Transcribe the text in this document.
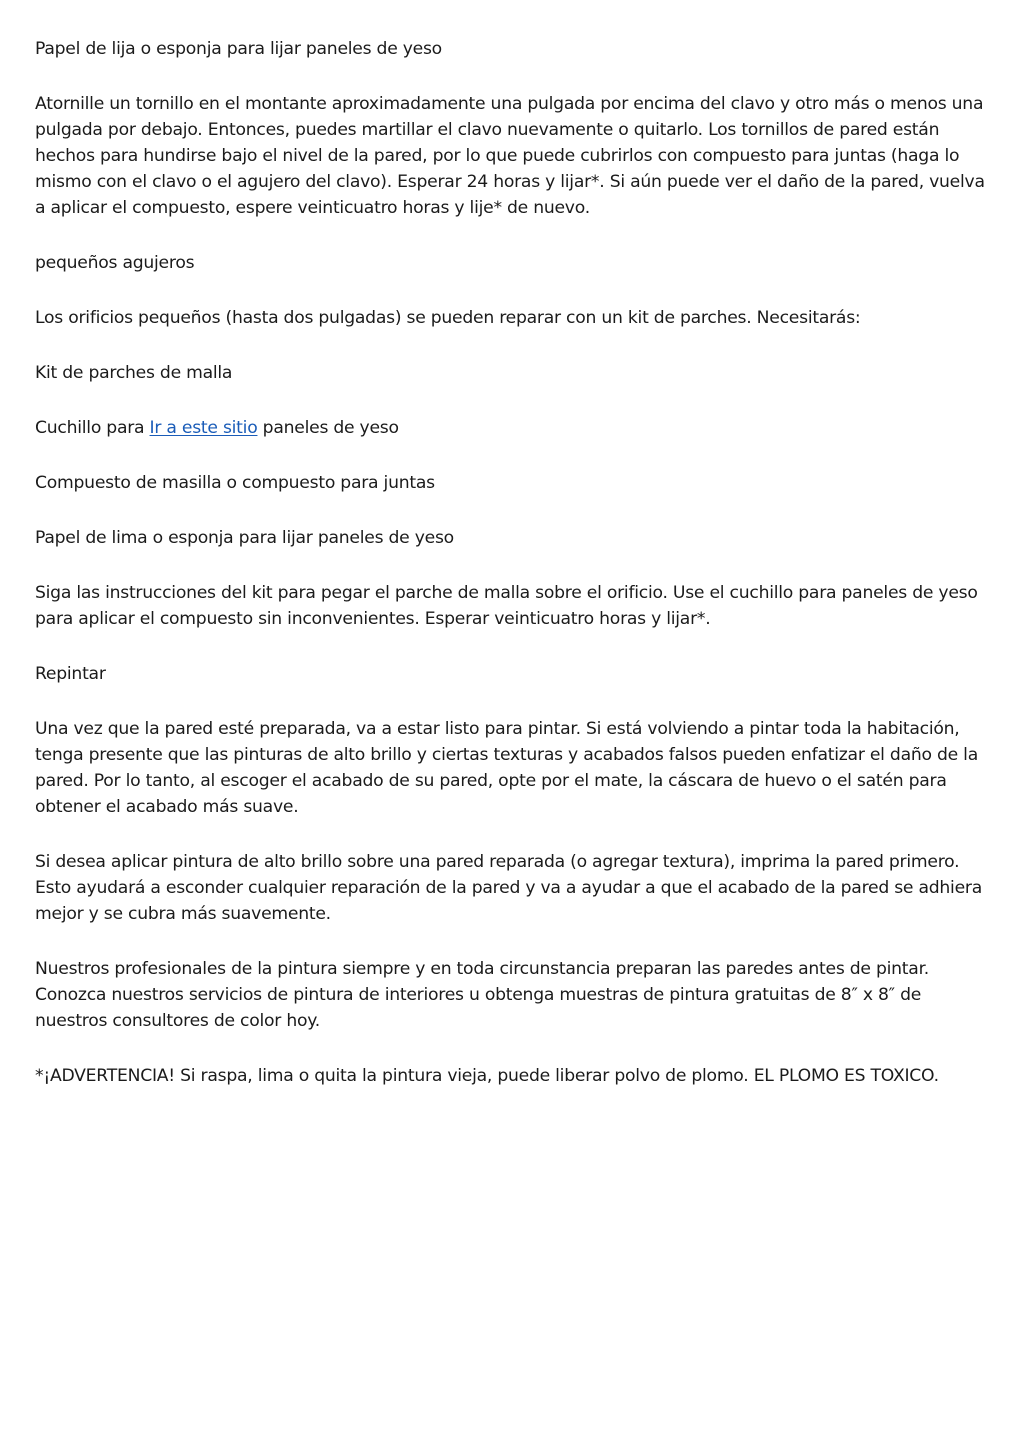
Papel de lija o esponja para lijar paneles de yeso

Atornille un tornillo en el montante aproximadamente una pulgada por encima del clavo y otro más o menos una pulgada por debajo. Entonces, puedes martillar el clavo nuevamente o quitarlo. Los tornillos de pared están hechos para hundirse bajo el nivel de la pared, por lo que puede cubrirlos con compuesto para juntas (haga lo mismo con el clavo o el agujero del clavo). Esperar 24 horas y lijar*. Si aún puede ver el daño de la pared, vuelva a aplicar el compuesto, espere veinticuatro horas y lije* de nuevo.

pequeños agujeros

Los orificios pequeños (hasta dos pulgadas) se pueden reparar con un kit de parches. Necesitarás:

Kit de parches de malla

Cuchillo para Ir a este sitio paneles de yeso

Compuesto de masilla o compuesto para juntas

Papel de lima o esponja para lijar paneles de yeso

Siga las instrucciones del kit para pegar el parche de malla sobre el orificio. Use el cuchillo para paneles de yeso para aplicar el compuesto sin inconvenientes. Esperar veinticuatro horas y lijar*.

Repintar

Una vez que la pared esté preparada, va a estar listo para pintar. Si está volviendo a pintar toda la habitación, tenga presente que las pinturas de alto brillo y ciertas texturas y acabados falsos pueden enfatizar el daño de la pared. Por lo tanto, al escoger el acabado de su pared, opte por el mate, la cáscara de huevo o el satén para obtener el acabado más suave.

Si desea aplicar pintura de alto brillo sobre una pared reparada (o agregar textura), imprima la pared primero. Esto ayudará a esconder cualquier reparación de la pared y va a ayudar a que el acabado de la pared se adhiera mejor y se cubra más suavemente.

Nuestros profesionales de la pintura siempre y en toda circunstancia preparan las paredes antes de pintar. Conozca nuestros servicios de pintura de interiores u obtenga muestras de pintura gratuitas de 8″ x 8″ de nuestros consultores de color hoy.

*¡ADVERTENCIA! Si raspa, lima o quita la pintura vieja, puede liberar polvo de plomo. EL PLOMO ES TOXICO.
